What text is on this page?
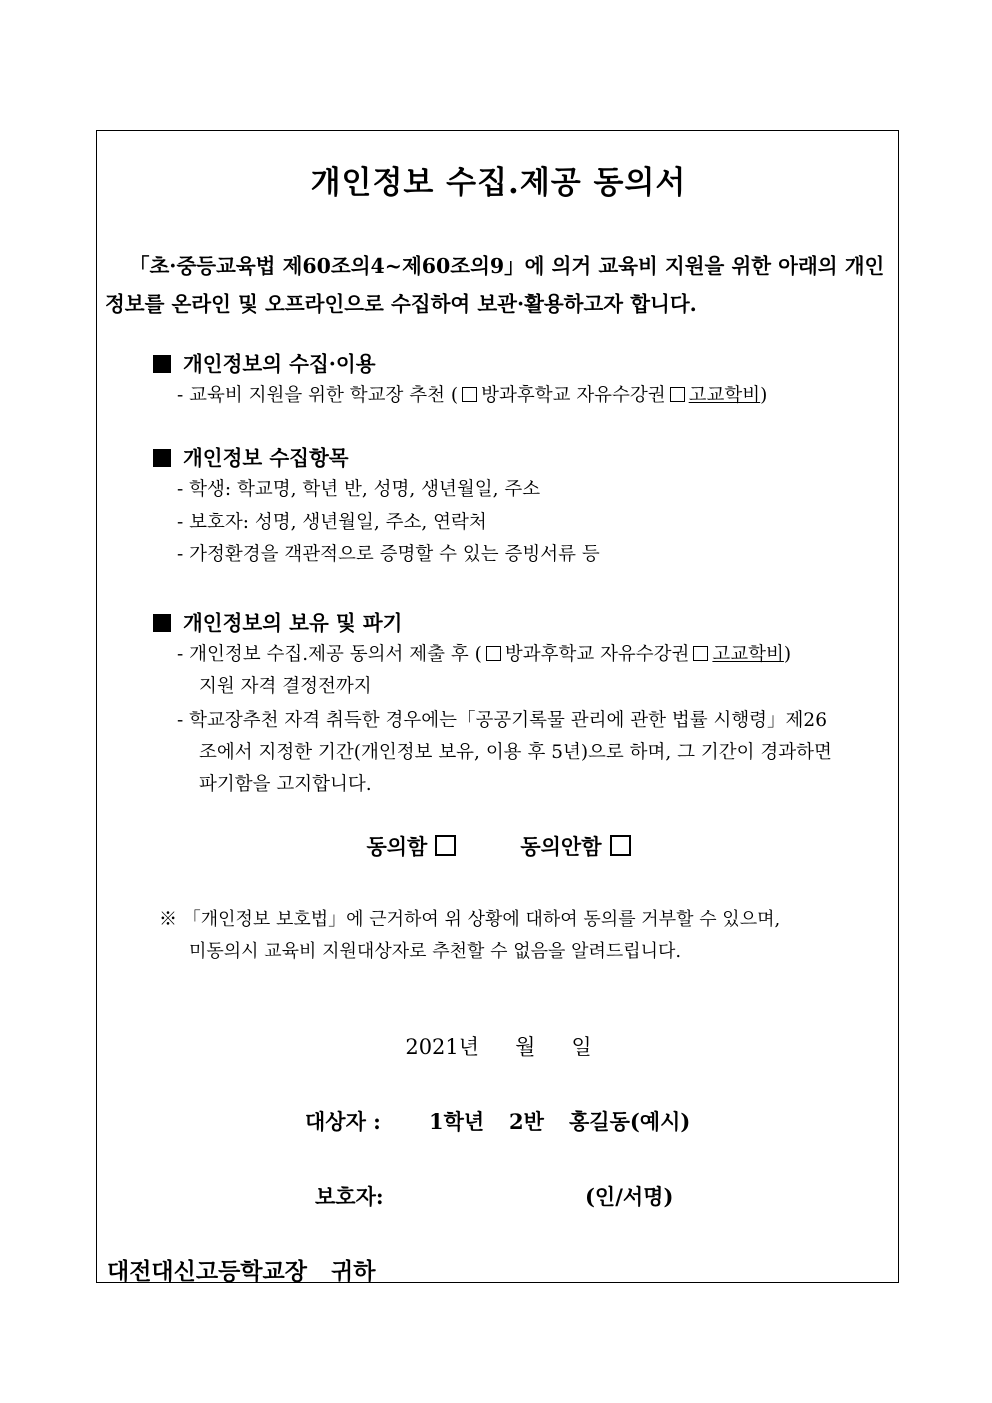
개인정보 수집.제공 동의서
「초·중등교육법 제60조의4~제60조의9」에 의거 교육비 지원을 위한 아래의 개인
정보를 온라인 및 오프라인으로 수집하여 보관·활용하고자 합니다.
개인정보의 수집·이용
- 교육비 지원을 위한 학교장 추천 ( 방과후학교 자유수강권 고교학비)
개인정보 수집항목
- 학생: 학교명, 학년 반, 성명, 생년월일, 주소
- 보호자: 성명, 생년월일, 주소, 연락처
- 가정환경을 객관적으로 증명할 수 있는 증빙서류 등
개인정보의 보유 및 파기
- 개인정보 수집.제공 동의서 제출 후 ( 방과후학교 자유수강권 고교학비)
지원 자격 결정전까지
- 학교장추천 자격 취득한 경우에는「공공기록물 관리에 관한 법률 시행령」제26
조에서 지정한 기간(개인정보 보유, 이용 후 5년)으로 하며, 그 기간이 경과하면
파기함을 고지합니다.
동의함	동의안함
※ 「개인정보 보호법」에 근거하여 위 상황에 대하여 동의를 거부할 수 있으며,
미동의시 교육비 지원대상자로 추천할 수 없음을 알려드립니다.
2021년 월 일
대상자 : 1학년 2반 홍길동(예시)
보호자:	(인/서명)
대전대신고등학교장   귀하
